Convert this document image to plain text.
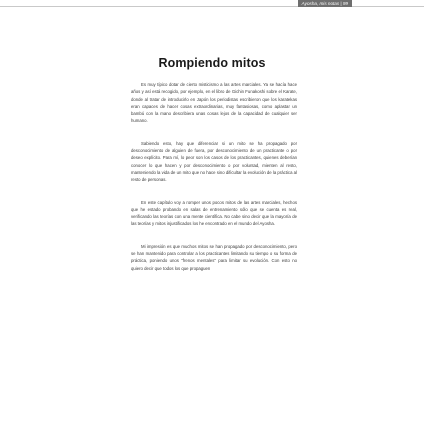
Ayosha, mis notas | 99
Rompiendo mitos

Es muy típico dotar de cierto misticismo a las artes marciales. Ya se hacía hace años y así está recogido, por ejemplo, en el libro de Gichin Funakoshi sobre el Karate, donde al tratar de introducirlo en Japón los periodistas escribieron que los karatekas eran capaces de hacer cosas extraordinarias, muy fantasiosas, como aplastar un bambú con la mano describiera unas cosas lejos de la capacidad de cualquier ser humano.

Sabiendo esto, hay que diferenciar si un mito se ha propagado por desconocimiento de alguien de fuera, por desconocimiento de un practicante o por deseo explícito. Para mí, lo peor son los casos de los practicantes, quienes deberían conocer lo que hacen y por desconocimiento o por voluntad, mienten al resto, manteniendo la vida de un mito que no hace sino dificultar la evolución de la práctica al resto de personas.

En este capítulo voy a romper unos pocos mitos de las artes marciales, hechos que he estado probando en salas de entrenamiento sólo que se cuenta es real, verificando las teorías con una mente científica. No cabe sino decir que la mayoría de las teorías y mitos injustificados los he encontrado en el mundo del Ayosha.

Mi impresión es que muchos mitos se han propagado por desconocimiento, pero se han mantenido para controlar a los practicantes limitando su tiempo o su forma de práctica, poniendo unos "frenos mentales" para limitar su evolución. Con esto no quiero decir que todos los que propaguen
